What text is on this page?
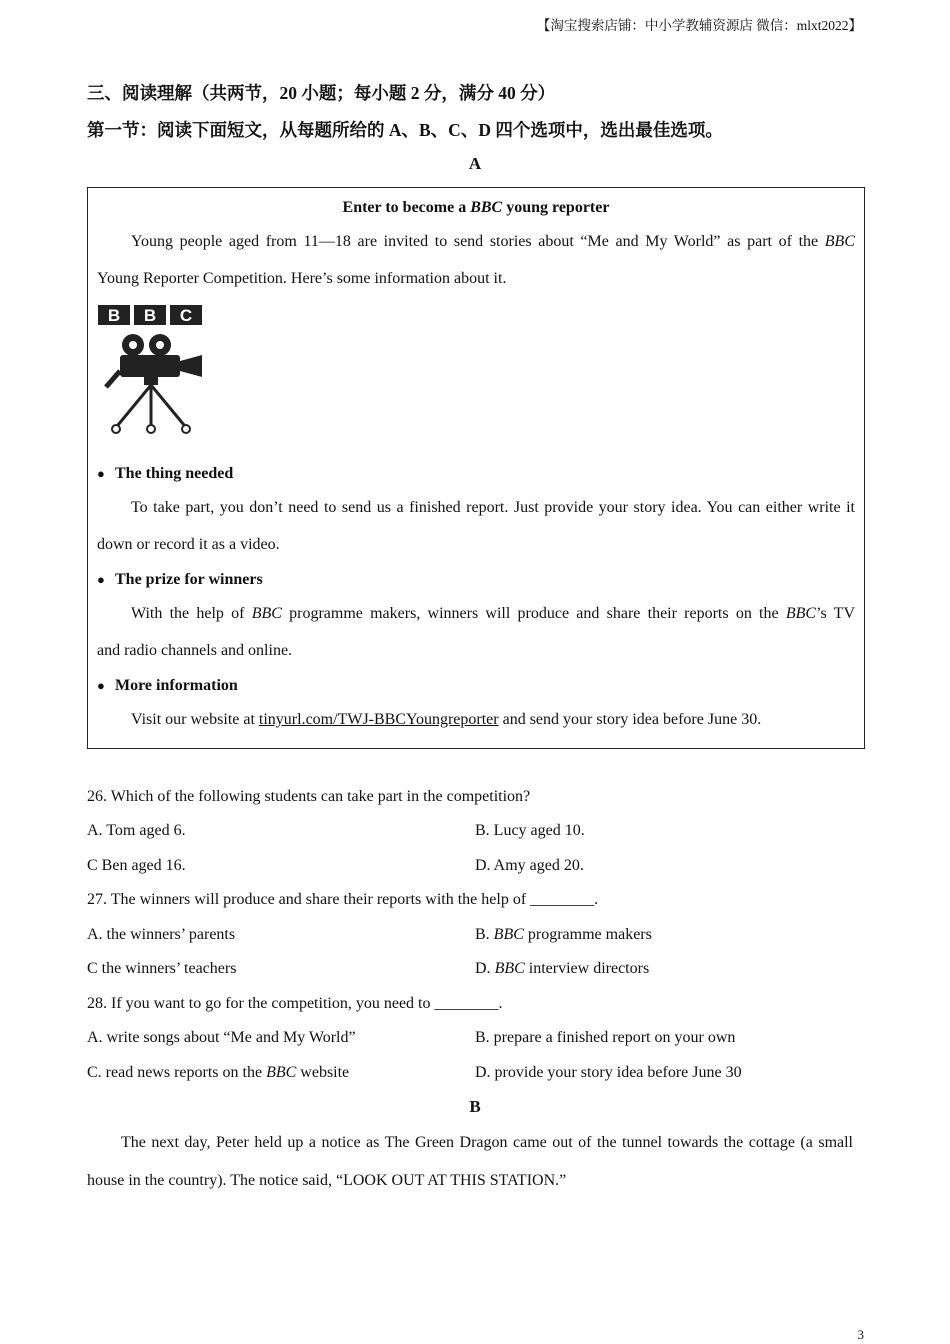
【淘宝搜索店铺：中小学教辅资源店 微信：mlxt2022】
三、阅读理解（共两节，20 小题；每小题 2 分，满分 40 分）
第一节：阅读下面短文，从每题所给的 A、B、C、D 四个选项中，选出最佳选项。
A
Enter to become a BBC young reporter
Young people aged from 11—18 are invited to send stories about “Me and My World” as part of the BBC
Young Reporter Competition. Here’s some information about it.
B B C
● The thing needed
To take part, you don’t need to send us a finished report. Just provide your story idea. You can either write it
down or record it as a video.
● The prize for winners
With the help of BBC programme makers, winners will produce and share their reports on the BBC’s TV
and radio channels and online.
● More information
Visit our website at tinyurl.com/TWJ-BBCYoungreporter and send your story idea before June 30.
26. Which of the following students can take part in the competition?
A. Tom aged 6.	B. Lucy aged 10.
C Ben aged 16.	D. Amy aged 20.
27. The winners will produce and share their reports with the help of ________.
A. the winners’ parents	B. BBC programme makers
C the winners’ teachers	D. BBC interview directors
28. If you want to go for the competition, you need to ________.
A. write songs about “Me and My World”	B. prepare a finished report on your own
C. read news reports on the BBC website	D. provide your story idea before June 30
B
The next day, Peter held up a notice as The Green Dragon came out of the tunnel towards the cottage (a small
house in the country). The notice said, “LOOK OUT AT THIS STATION.”
3
